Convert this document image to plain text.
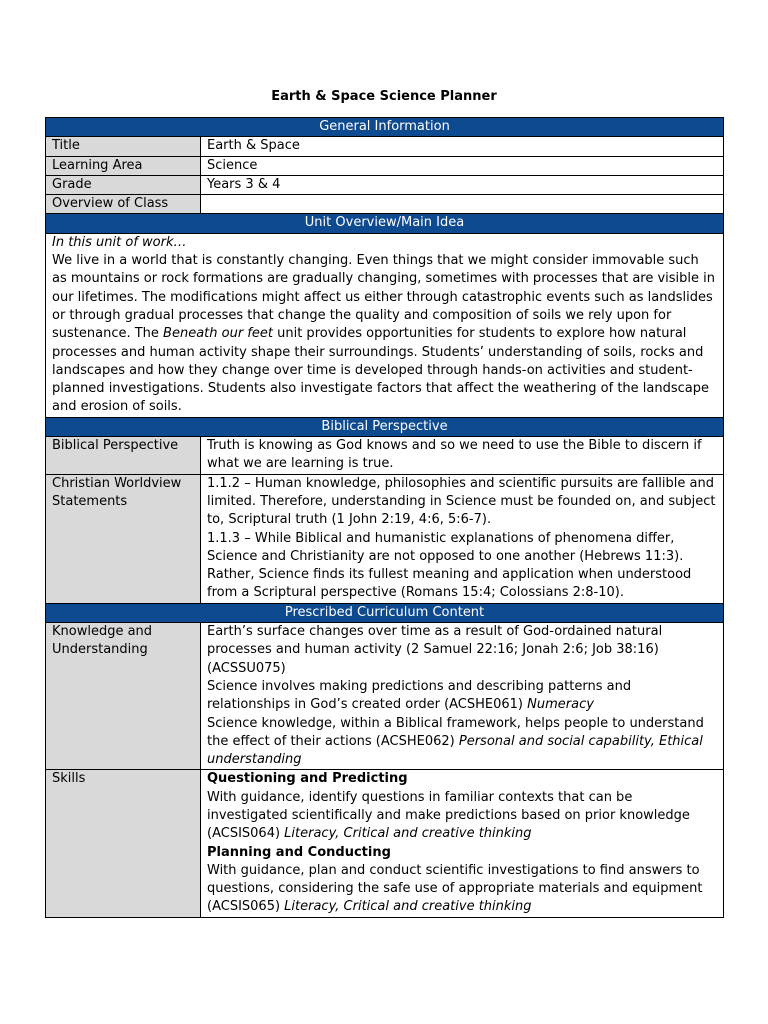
Earth & Space Science Planner
General Information	
Title	Earth & Space
Learning Area	Science
Grade	Years 3 & 4
Overview of Class	
Unit Overview/Main Idea	

In this unit of work…

We live in a world that is constantly changing. Even things that we might consider immovable such as mountains or rock formations are gradually changing, sometimes with processes that are visible in our lifetimes. The modifications might affect us either through catastrophic events such as landslides or through gradual processes that change the quality and composition of soils we rely upon for sustenance. The Beneath our feet unit provides opportunities for students to explore how natural processes and human activity shape their surroundings. Students’ understanding of soils, rocks and landscapes and how they change over time is developed through hands-on activities and student-planned investigations. Students also investigate factors that affect the weathering of the landscape and erosion of soils.	

Biblical Perspective	
Biblical Perspective	Truth is knowing as God knows and so we need to use the Bible to discern if what we are learning is true.
Christian Worldview Statements	1.1.2 – Human knowledge, philosophies and scientific pursuits are fallible and limited. Therefore, understanding in Science must be founded on, and subject to, Scriptural truth (1 John 2:19, 4:6, 5:6-7).

1.1.3 – While Biblical and humanistic explanations of phenomena differ, Science and Christianity are not opposed to one another (Hebrews 11:3). Rather, Science finds its fullest meaning and application when understood from a Scriptural perspective (Romans 15:4; Colossians 2:8-10).

Prescribed Curriculum Content	
Knowledge and Understanding	Earth’s surface changes over time as a result of God-ordained natural processes and human activity (2 Samuel 22:16; Jonah 2:6; Job 38:16) (ACSSU075)

Science involves making predictions and describing patterns and relationships in God’s created order (ACSHE061) Numeracy

Science knowledge, within a Biblical framework, helps people to understand the effect of their actions (ACSHE062) Personal and social capability, Ethical understanding

Skills	Questioning and Predicting

With guidance, identify questions in familiar contexts that can be investigated scientifically and make predictions based on prior knowledge (ACSIS064) Literacy, Critical and creative thinking

Planning and Conducting

With guidance, plan and conduct scientific investigations to find answers to questions, considering the safe use of appropriate materials and equipment (ACSIS065) Literacy, Critical and creative thinking
